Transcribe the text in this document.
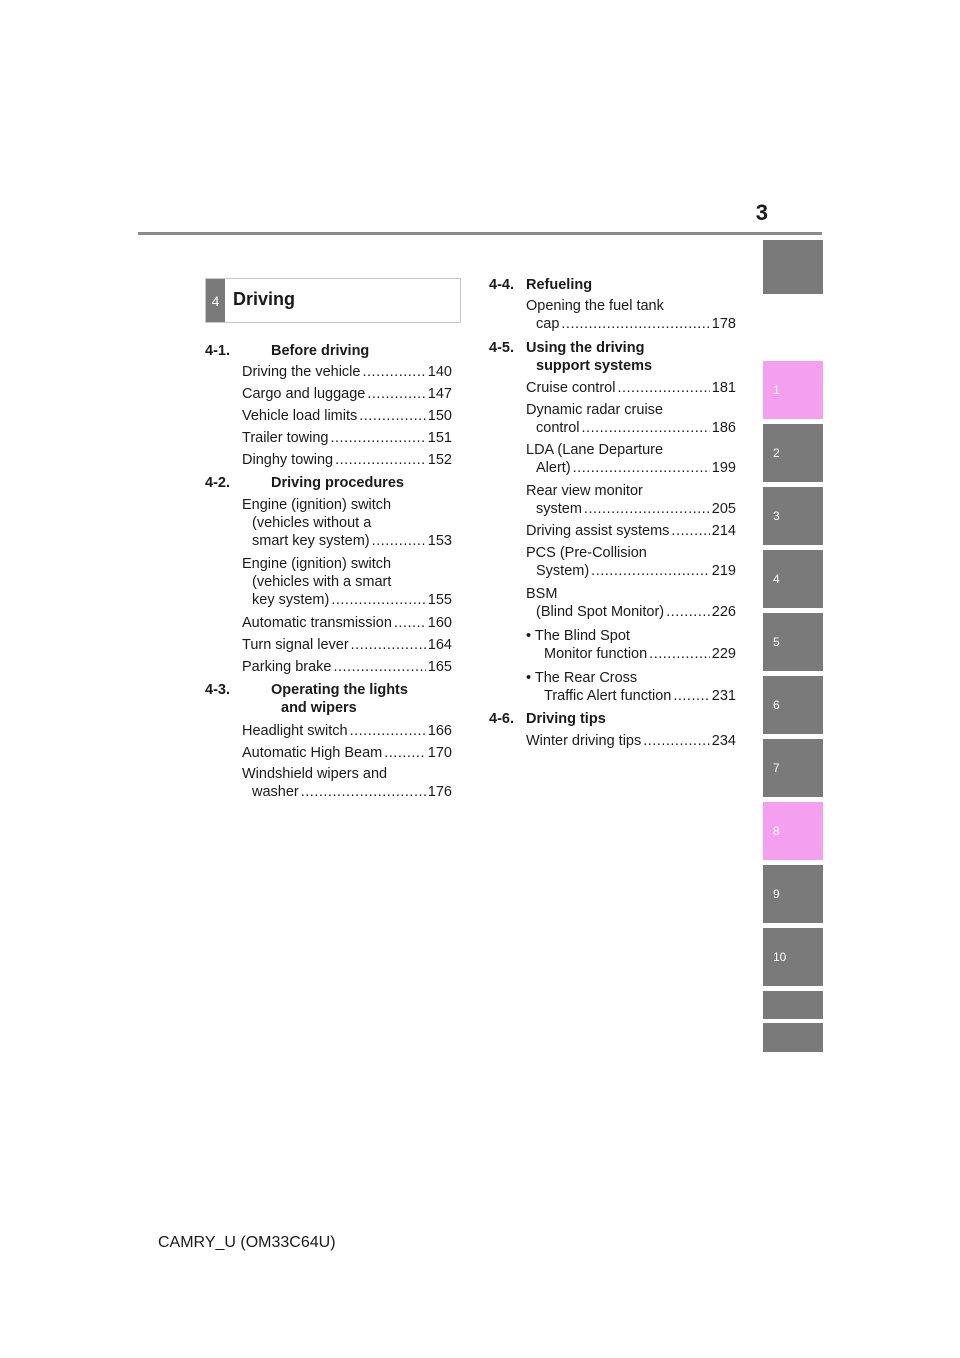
3
1
2
3
4
5
6
7
8
9
10
4 Driving
4-1.	Before driving
Driving the vehicle .....	140
Cargo and luggage .....	147
Vehicle load limits .....	150
Trailer towing .....	151
Dinghy towing .....	152
4-2.	Driving procedures
Engine (ignition) switch
(vehicles without a
smart key system) .....	153
Engine (ignition) switch
(vehicles with a smart
key system) .....	155
Automatic transmission ..... 160
Turn signal lever .....	164
Parking brake .....	165
4-3.	Operating the lights
and wipers
Headlight switch .....	166
Automatic High Beam .....	170
Windshield wipers and
washer .....	176
4-4. Refueling
Opening the fuel tank
cap .....	178
4-5. Using the driving
support systems
Cruise control .....	181
Dynamic radar cruise
control .....	186
LDA (Lane Departure
Alert) .....	199
Rear view monitor
system .....	205
Driving assist systems .....	214
PCS (Pre-Collision
System) .....	219
BSM
(Blind Spot Monitor) .....	226
• The Blind Spot
Monitor function .....	229
• The Rear Cross
Traffic Alert function .....	231
4-6. Driving tips
Winter driving tips .....	234
CAMRY_U (OM33C64U)
